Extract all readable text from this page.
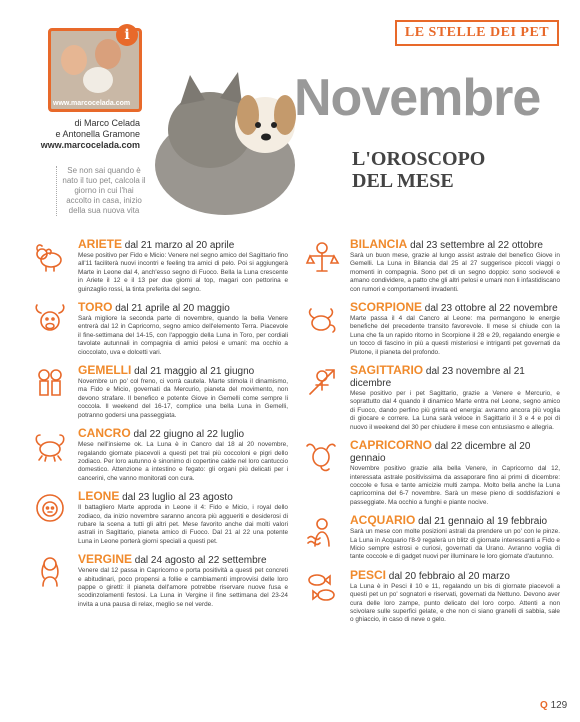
www.marcocelada.com
i
di Marco Celada
e Antonella Gramone
www.marcocelada.com
Se non sai quando è nato il tuo pet, calcola il giorno in cui l'hai accolto in casa, inizio della sua nuova vita
LE STELLE DEI PET
Novembre
L'OROSCOPO
DEL MESE
ARIETE dal 21 marzo al 20 aprile

Mese positivo per Fido e Micio: Venere nel segno amico del Sagittario fino all'11 faciliterà nuovi incontri e feeling tra amici di pelo. Poi si aggiungerà Marte in Leone dal 4, anch'esso segno di Fuoco. Bella la Luna crescente in Ariete il 12 e il 13 per due giorni al top, magari con pettorina e guinzaglio rossi, la tinta preferita del segno.

TORO dal 21 aprile al 20 maggio

Sarà migliore la seconda parte di novembre, quando la bella Venere entrerà dal 12 in Capricorno, segno amico dell'elemento Terra. Piacevole il fine-settimana del 14-15, con l'appoggio della Luna in Toro, per cordiali tavolate autunnali in compagnia di amici pelosi e umani: ma occhio a cioccolato, uva e dolcetti vari.

GEMELLI dal 21 maggio al 21 giugno

Novembre un po' col freno, ci vorrà cautela. Marte stimola il dinamismo, ma Fido e Micio, governati da Mercurio, pianeta del movimento, non devono strafare. Il benefico e potente Giove in Gemelli come sempre li coccola. Il weekend del 16-17, complice una bella Luna in Gemelli, potranno godersi una passeggiata.

CANCRO dal 22 giugno al 22 luglio

Mese nell'insieme ok. La Luna è in Cancro dal 18 al 20 novembre, regalando giornate piacevoli a questi pet trai più coccoloni e pigri dello zodiaco. Per loro autunno è sinonimo di copertine calde nel loro cantuccio domestico. Attenzione a intestino e fegato: gli organi più delicati per i cancerini, che vanno monitorati con cura.

LEONE dal 23 luglio al 23 agosto

Il battagliero Marte approda in Leone il 4: Fido e Micio, i royal dello zodiaco, da inizio novembre saranno ancora più aggueriti e desiderosi di rubare la scena a tutti gli altri pet. Mese favorito anche dai molti valori astrali in Sagittario, pianeta amico di Fuoco. Dal 21 al 22 una potente Luna in Leone porterà giorni speciali a questi pet.

VERGINE dal 24 agosto al 22 settembre

Venere dal 12 passa in Capricorno e porta positività a questi pet concreti e abitudinari, poco propensi a follie e cambiamenti improvvisi delle loro pappe o giretti: il pianeta dell'amore potrebbe riservare nuove fusa e scodinzolamenti festosi. La Luna in Vergine il fine settimana del 23-24 invita a una pausa di relax, meglio se nel verde.

BILANCIA dal 23 settembre al 22 ottobre

Sarà un buon mese, grazie al lungo assist astrale del benefico Giove in Gemelli. La Luna in Bilancia dal 25 al 27 suggerisce piccoli viaggi o momenti in compagnia. Sono pet di un segno doppio: sono socievoli e amano condividere, a patto che gli altri pelosi e umani non li infastidiscano con rumori e comportamenti invadenti.

SCORPIONE dal 23 ottobre al 22 novembre

Marte passa il 4 dal Cancro al Leone: ma permangono le energie benefiche del precedente transito favorevole. Il mese si chiude con la Luna che fa un rapido ritorno in Scorpione il 28 e 29, regalando energie e un tocco di fascino in più a questi misteriosi e intriganti pet governati da Plutone, il pianeta del profondo.

SAGITTARIO dal 23 novembre al 21 dicembre

Mese positivo per i pet Sagittario, grazie a Venere e Mercurio, e soprattutto dal 4 quando il dinamico Marte entra nel Leone, segno amico di Fuoco, dando perfino più grinta ed energia: avranno ancora più voglia di giocare e correre. La Luna sarà veloce in Sagittario il 3 e 4 e poi di nuovo il weekend del 30 per chiudere il mese con entusiasmo e allegria.

CAPRICORNO dal 22 dicembre al 20 gennaio

Novembre positivo grazie alla bella Venere, in Capricorno dal 12, interessata astrale positivissima da assaporare fino ai primi di dicembre: coccole e fusa e tante amicizie multi zampa. Molto bella anche la Luna capricornina del 6-7 novembre. Sarà un mese pieno di soddisfazioni e passeggiate. Ma occhio a funghi e piante nocive.

ACQUARIO dal 21 gennaio al 19 febbraio

Sarà un mese con molte posizioni astrali da prendere un po' con le pinze. La Luna in Acquario l'8-9 regalerà un blitz di giornate interessanti a Fido e Micio sempre estrosi e curiosi, governati da Urano. Avranno voglia di tante coccole e di gadget nuovi per illuminare le loro giornate d'autunno.

PESCI dal 20 febbraio al 20 marzo

La Luna è in Pesci il 10 e 11, regalando un bis di giornate piacevoli a questi pet un po' sognatori e riservati, governati da Nettuno. Devono aver cura delle loro zampe, punto delicato del loro corpo. Attenti a non scivolare sulle superfici gelate, e che non ci siano granelli di sabbia, sale o ghiaccio, in caso di neve o gelo.

Q 129
